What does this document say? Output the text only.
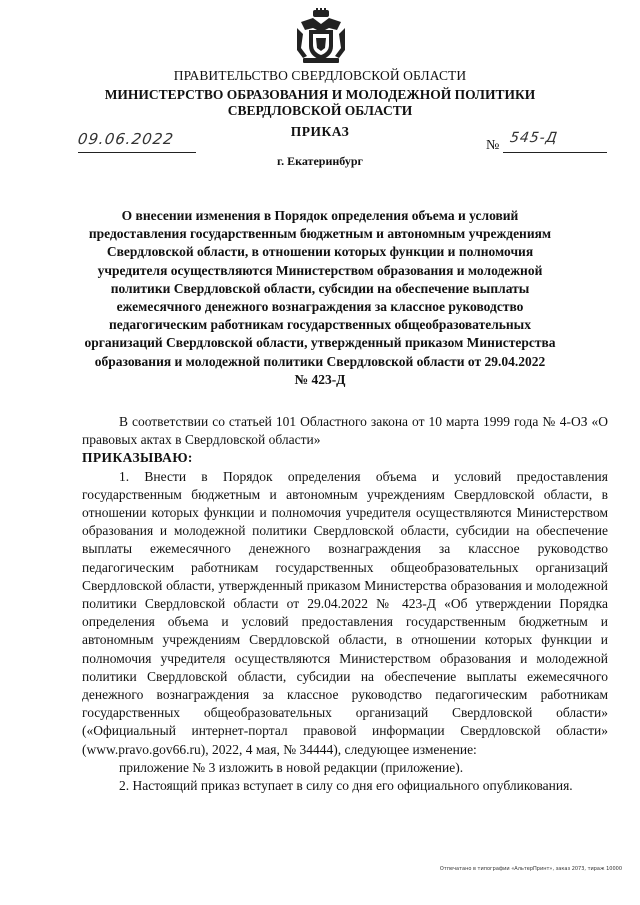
ПРАВИТЕЛЬСТВО СВЕРДЛОВСКОЙ ОБЛАСТИ
МИНИСТЕРСТВО ОБРАЗОВАНИЯ И МОЛОДЕЖНОЙ ПОЛИТИКИ
СВЕРДЛОВСКОЙ ОБЛАСТИ
ПРИКАЗ
09.06.2022	№ 545-Д
г. Екатеринбург
О внесении изменения в Порядок определения объема и условий
предоставления государственным бюджетным и автономным учреждениям
Свердловской области, в отношении которых функции и полномочия
учредителя осуществляются Министерством образования и молодежной
политики Свердловской области, субсидии на обеспечение выплаты
ежемесячного денежного вознаграждения за классное руководство
педагогическим работникам государственных общеобразовательных
организаций Свердловской области, утвержденный приказом Министерства
образования и молодежной политики Свердловской области от 29.04.2022
№ 423-Д

В соответствии со статьей 101 Областного закона от 10 марта 1999 года № 4-ОЗ «О правовых актах в Свердловской области»

ПРИКАЗЫВАЮ:

1. Внести в Порядок определения объема и условий предоставления государственным бюджетным и автономным учреждениям Свердловской области, в отношении которых функции и полномочия учредителя осуществляются Министерством образования и молодежной политики Свердловской области, субсидии на обеспечение выплаты ежемесячного денежного вознаграждения за классное руководство педагогическим работникам государственных общеобразовательных организаций Свердловской области, утвержденный приказом Министерства образования и молодежной политики Свердловской области от 29.04.2022 № 423-Д «Об утверждении Порядка определения объема и условий предоставления государственным бюджетным и автономным учреждениям Свердловской области, в отношении которых функции и полномочия учредителя осуществляются Министерством образования и молодежной политики Свердловской области, субсидии на обеспечение выплаты ежемесячного денежного вознаграждения за классное руководство педагогическим работникам государственных общеобразовательных организаций Свердловской области» («Официальный интернет-портал правовой информации Свердловской области» (www.pravo.gov66.ru), 2022, 4 мая, № 34444), следующее изменение:

приложение № 3 изложить в новой редакции (приложение).

2. Настоящий приказ вступает в силу со дня его официального опубликования.

Отпечатано в типографии «АльтерПринт», заказ 2073, тираж 10000
